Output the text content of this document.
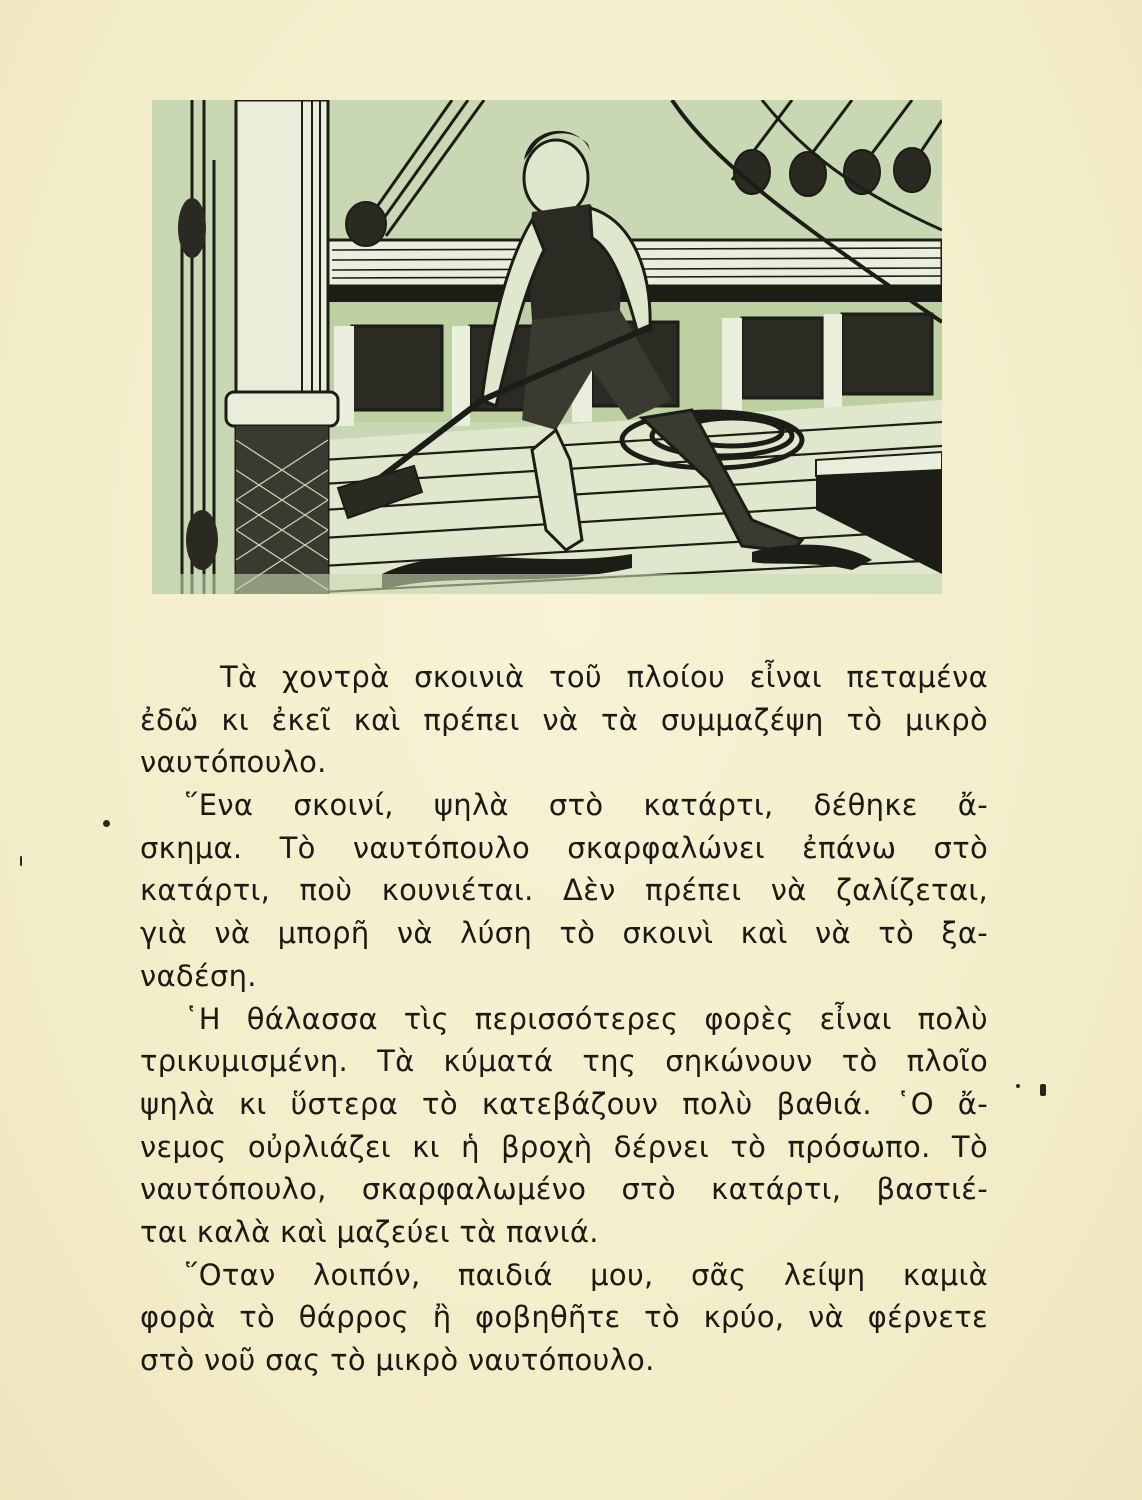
Τὰ χοντρὰ σκοινιὰ τοῦ πλοίου εἶναι πεταμένα
ἐδῶ κι ἐκεῖ καὶ πρέπει νὰ τὰ συμμαζέψη τὸ μικρὸ
ναυτόπουλο.
῞Ενα σκοινί, ψηλὰ στὸ κατάρτι, δέθηκε ἄ-
σκημα. Τὸ ναυτόπουλο σκαρφαλώνει ἐπάνω στὸ
κατάρτι, ποὺ κουνιέται. Δὲν πρέπει νὰ ζαλίζεται,
γιὰ νὰ μπορῆ νὰ λύση τὸ σκοινὶ καὶ νὰ τὸ ξα-
ναδέση.
῾Η θάλασσα τὶς περισσότερες φορὲς εἶναι πολὺ
τρικυμισμένη. Τὰ κύματά της σηκώνουν τὸ πλοῖο
ψηλὰ κι ὕστερα τὸ κατεβάζουν πολὺ βαθιά. ῾Ο ἄ-
νεμος οὐρλιάζει κι ἡ βροχὴ δέρνει τὸ πρόσωπο. Τὸ
ναυτόπουλο, σκαρφαλωμένο στὸ κατάρτι, βαστιέ-
ται καλὰ καὶ μαζεύει τὰ πανιά.
῞Οταν λοιπόν, παιδιά μου, σᾶς λείψη καμιὰ
φορὰ τὸ θάρρος ἢ φοβηθῆτε τὸ κρύο, νὰ φέρνετε
στὸ νοῦ σας τὸ μικρὸ ναυτόπουλο.
